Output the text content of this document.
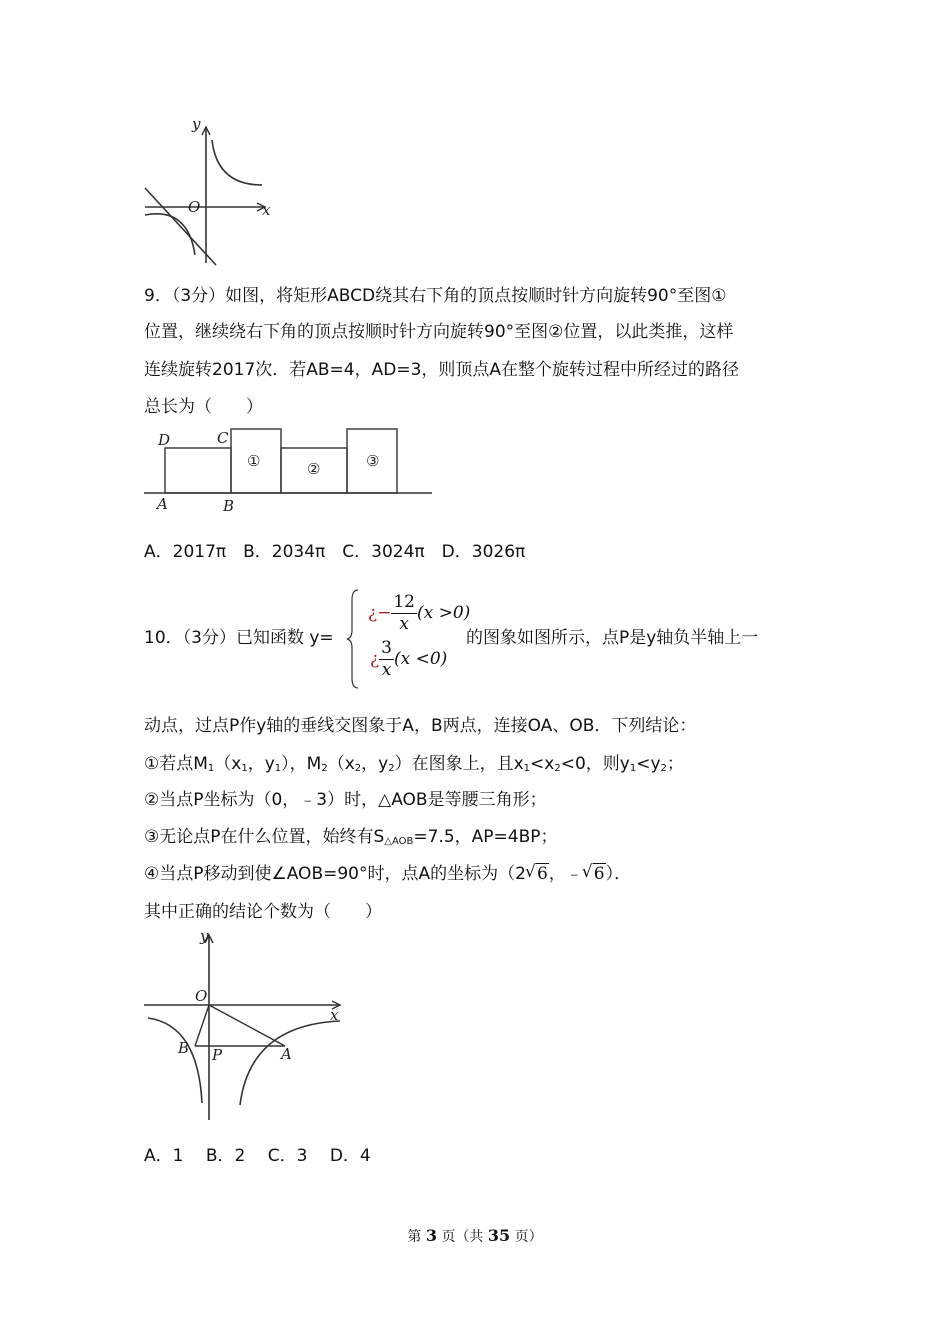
y
x
O
9．（3分）如图，将矩形ABCD绕其右下角的顶点按顺时针方向旋转90°至图①
位置，继续绕右下角的顶点按顺时针方向旋转90°至图②位置，以此类推，这样
连续旋转2017次．若AB=4，AD=3，则顶点A在整个旋转过程中所经过的路径
总长为（　　）
D	C
A	B
①	②	③
A．2017π　B．2034π　C．3024π　D．3026π
10．（3分）已知函数 y=
¿− $\frac{12}{x} (x >0)$
¿ $\frac{3}{x} (x <0)$
的图象如图所示，点P是y轴负半轴上一
动点，过点P作y轴的垂线交图象于A，B两点，连接OA、OB．下列结论：
①若点$M_1(x_1$，$y_1$），$M_2(x_2$，$y_2$）在图象上，且$x_1<x_2<0$，则$y_1<y_2$；
②当点P坐标为（0，﹣3）时，△AOB是等腰三角形；
③无论点P在什么位置，始终有$S_{\triangle AOB}=7.5$，AP=4BP；
④当点P移动到使∠AOB=90°时，点A的坐标为（2 √ 6，﹣ √ 6）．
其中正确的结论个数为（　　）
y
x
O
B P	A
A．1　 B．2　 C．3　 D．4
第 3 页（共 35 页）
